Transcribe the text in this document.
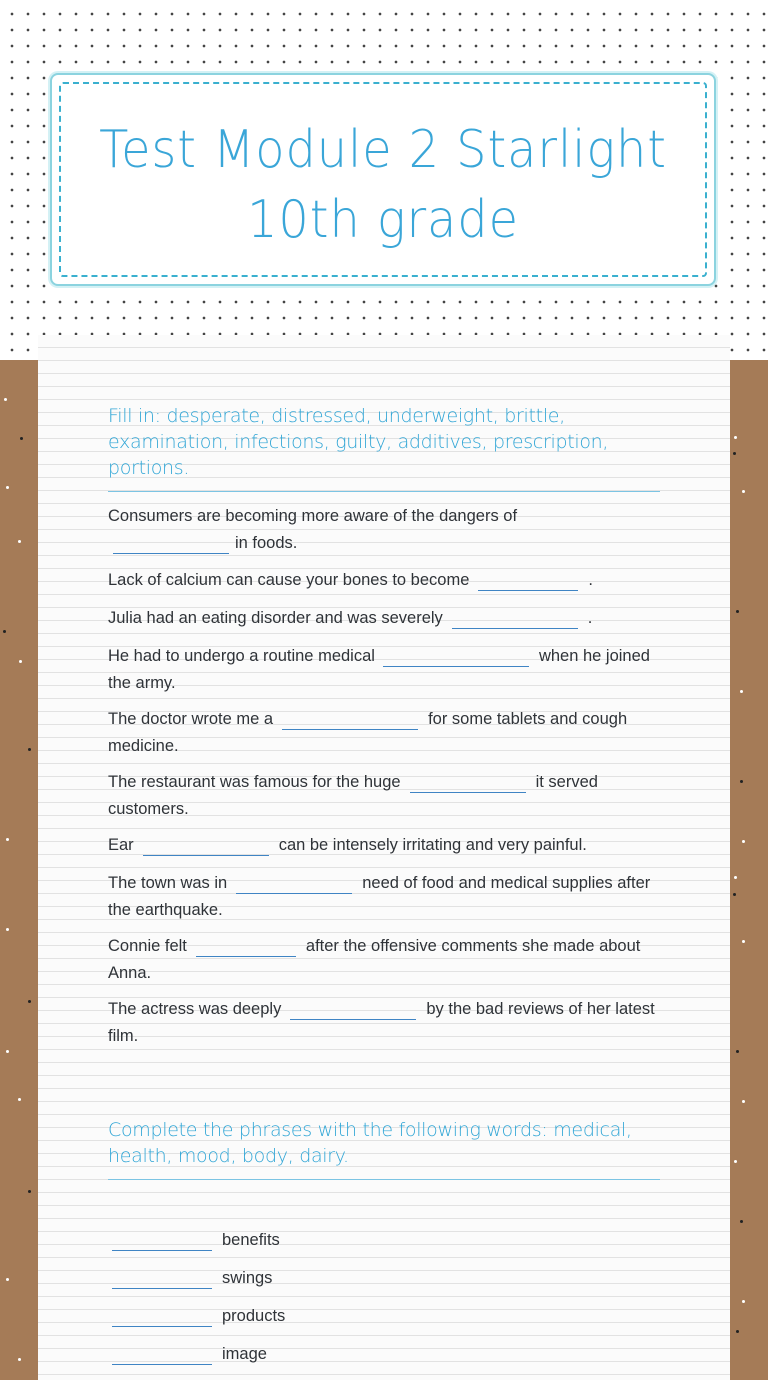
Test Module 2 Starlight
10th grade
Fill in: desperate, distressed, underweight, brittle, examination, infections, guilty, additives, prescription, portions.
Consumers are becoming more aware of the dangers of
in foods.
Lack of calcium can cause your bones to become	.
Julia had an eating disorder and was severely	.
He had to undergo a routine medical	when he joined the army.
The doctor wrote me a	for some tablets and cough medicine.
The restaurant was famous for the huge	it served customers.
Ear	can be intensely irritating and very painful.
The town was in	need of food and medical supplies after the earthquake.
Connie felt	after the offensive comments she made about Anna.
The actress was deeply	by the bad reviews of her latest film.
Complete the phrases with the following words: medical, health, mood, body, dairy.
benefits
swings
products
image
